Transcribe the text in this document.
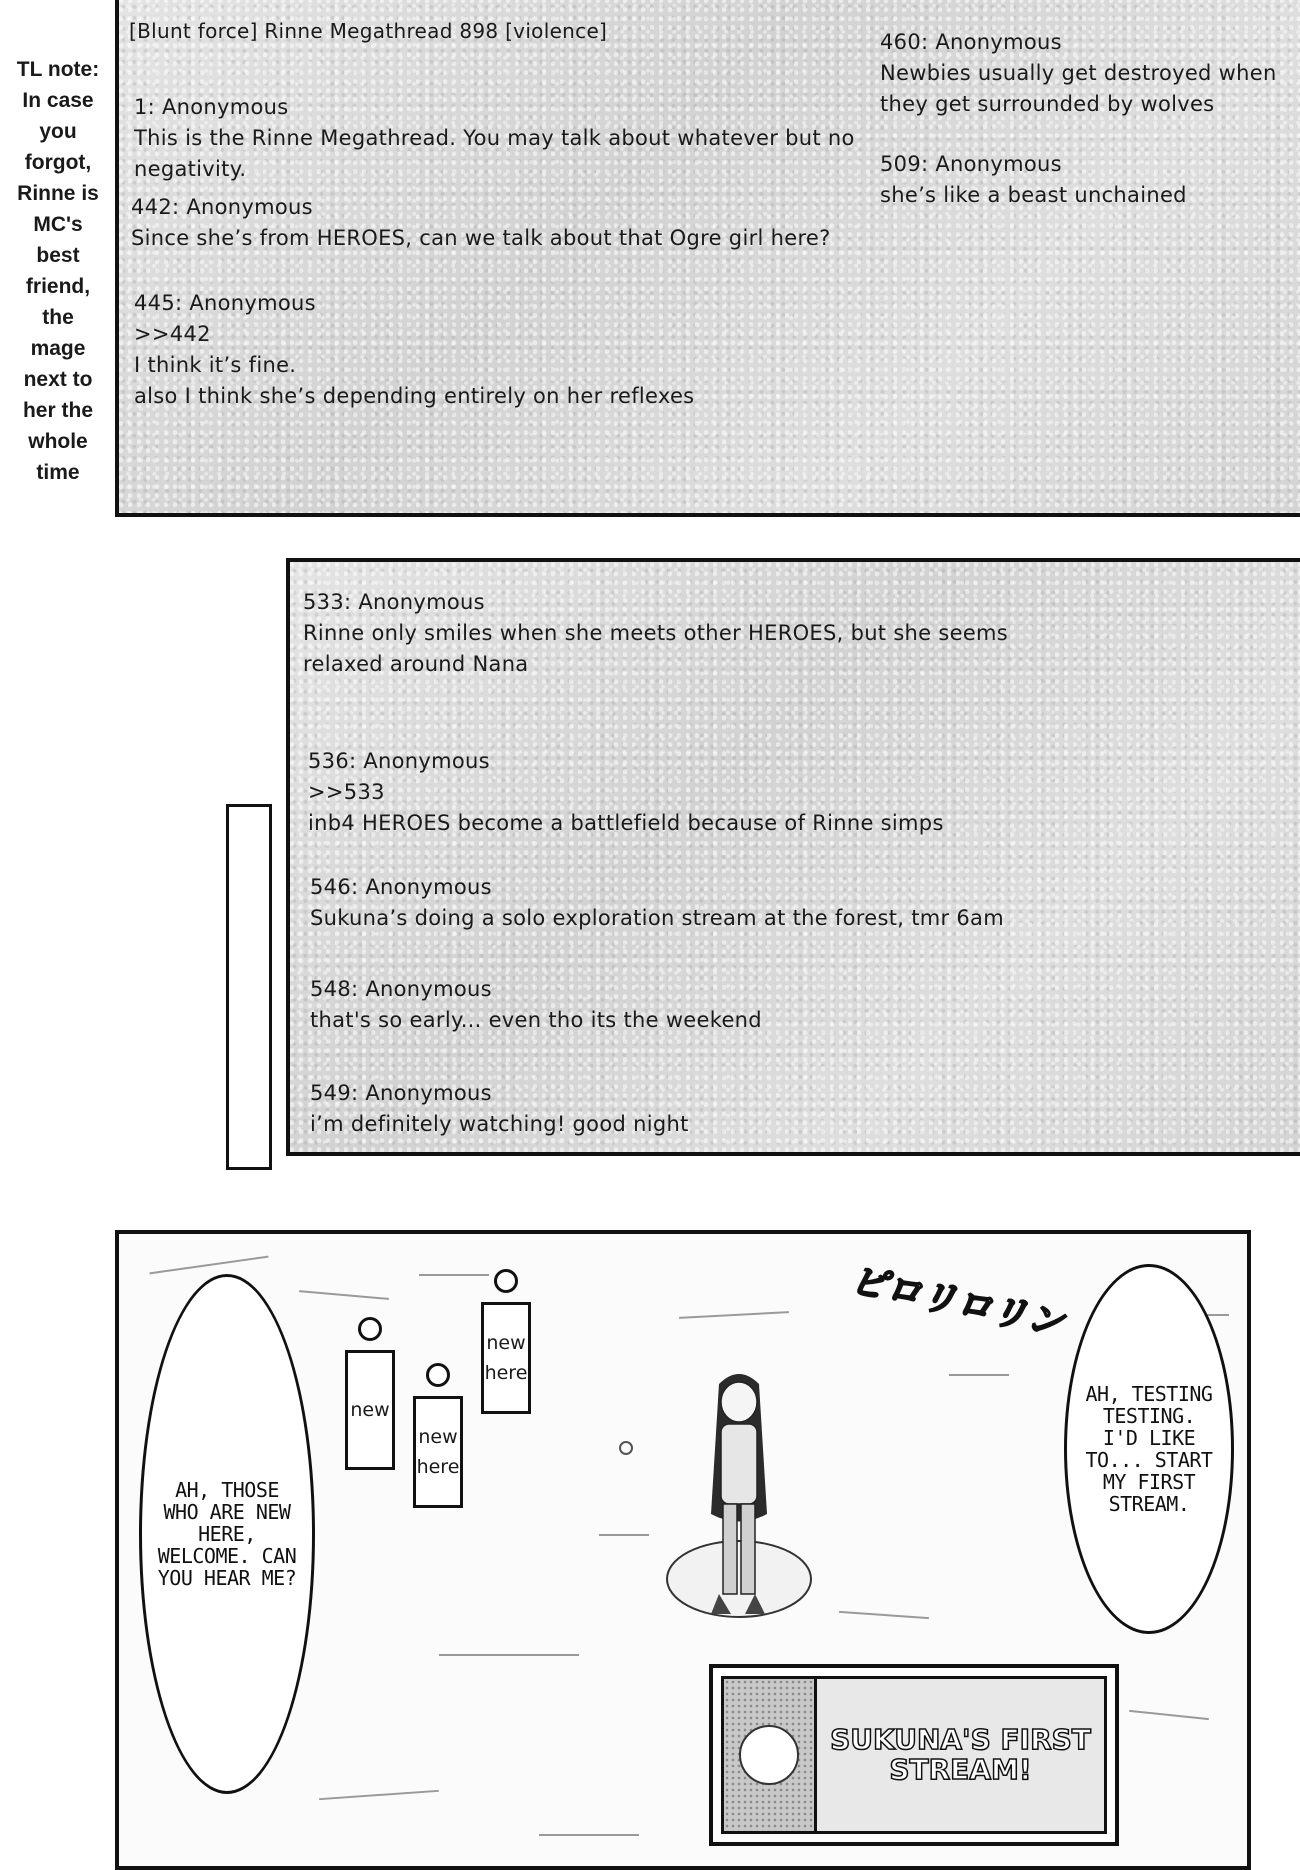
TL note:
In case
you
forgot,
Rinne is
MC's
best
friend,
the
mage
next to
her the
whole
time
[Blunt force] Rinne Megathread 898 [violence]
1: Anonymous
This is the Rinne Megathread. You may talk about whatever but no
negativity.
442: Anonymous
Since she’s from HEROES, can we talk about that Ogre girl here?
445: Anonymous
>>442
I think it’s fine.
also I think she’s depending entirely on her reflexes
460: Anonymous
Newbies usually get destroyed when
they get surrounded by wolves
509: Anonymous
she’s like a beast unchained
533: Anonymous
Rinne only smiles when she meets other HEROES, but she seems
relaxed around Nana
536: Anonymous
>>533
inb4 HEROES become a battlefield because of Rinne simps
546: Anonymous
Sukuna’s doing a solo exploration stream at the forest, tmr 6am
548: Anonymous
that's so early... even tho its the weekend
549: Anonymous
i’m definitely watching! good night
AH, THOSE WHO ARE NEW HERE, WELCOME. CAN YOU HEAR ME?
AH, TESTING TESTING. I'D LIKE TO... START MY FIRST STREAM.
new
new
here
new
here
ピロリロリン
SUKUNA'S FIRST STREAM!
